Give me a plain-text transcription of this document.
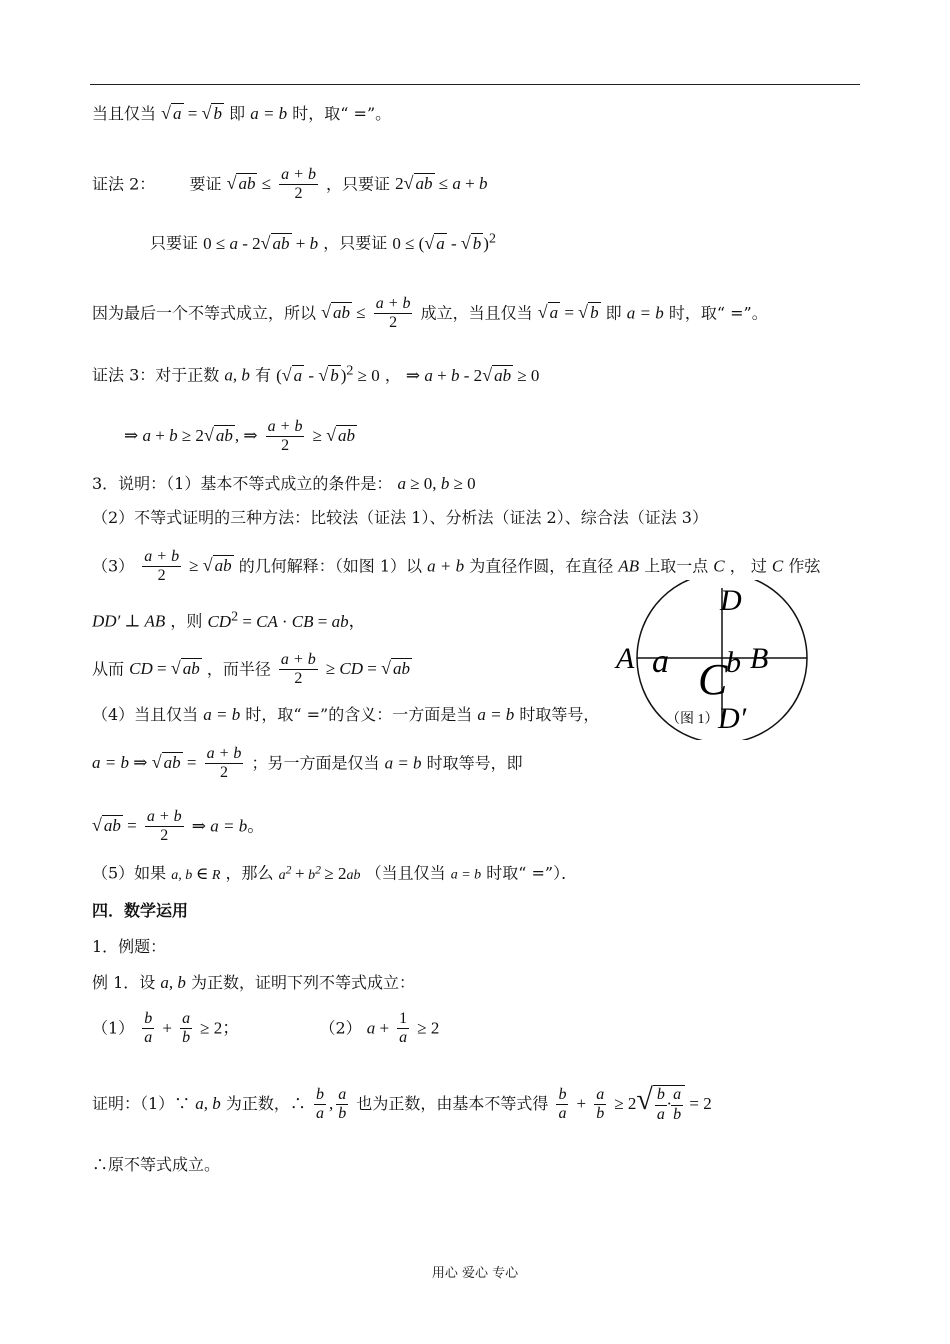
当且仅当 √ a = √ b 即 a = b 时，取“ =”。
证法 2： 要证 √ ab ≤ $\frac{a + b}{2}$ ，只要证 2√ ab ≤ a + b
只要证 0 ≤ a - 2√ ab + b ，只要证 0 ≤ (√ a - √ b )$^2$
因为最后一个不等式成立，所以 √ ab ≤ $\frac{a + b}{2}$ 成立，当且仅当 √ a = √ b 即 a = b 时，取“ =”。
证法 3：对于正数 a, b 有 (√ a - √ b )$^2$ ≥ 0 ， ⇒ a + b - 2√ ab ≥ 0
⇒ a + b ≥ 2√ ab , ⇒ $\frac{a + b}{2}$ ≥ √ ab
3．说明：（1）基本不等式成立的条件是： a ≥ 0, b ≥ 0
（2）不等式证明的三种方法：比较法（证法 1）、分析法（证法 2）、综合法（证法 3）
$(3) \frac{a + b}{2}$ ≥ √ ab 的几何解释：（如图 1）以 a + b 为直径作圆，在直径 AB 上取一点 C ， 过 C 作弦
DD′ ⊥ AB ，则 $CD^2$ = CA · CB = ab，
从而 CD = √ ab ，而半径 $\frac{a + b}{2}$ ≥ CD = √ ab
（4）当且仅当 a = b 时，取“ =”的含义：一方面是当 a = b 时取等号，
a = b ⇒ √ ab = $\frac{a + b}{2}$ ；另一方面是仅当 a = b 时取等号，即
√ ab = $\frac{a + b}{2}$ ⇒ a = b。
（5）如果 a, b ∈ R ，那么 $a^2 + b^2 \ge 2ab$ （当且仅当 a = b 时取“ =”）．
四．数学运用
1．例题：
例 1．设 a, b 为正数，证明下列不等式成立：
$(1) \frac{b}{a} + \frac{a}{b} \ge 2$；	（2） $a + \frac{1}{a} \ge 2$
证明：（1）∵ a, b 为正数，∴ $\frac{b}{a}$ , $\frac{a}{b}$ 也为正数，由基本不等式得 $\frac{b}{a} + \frac{a}{b} \ge 2√ \frac{b}{a} \cdot \frac{a}{b} = 2$
∴原不等式成立。
A a C
b B
D
D′
（图 1）
用心 爱心 专心
